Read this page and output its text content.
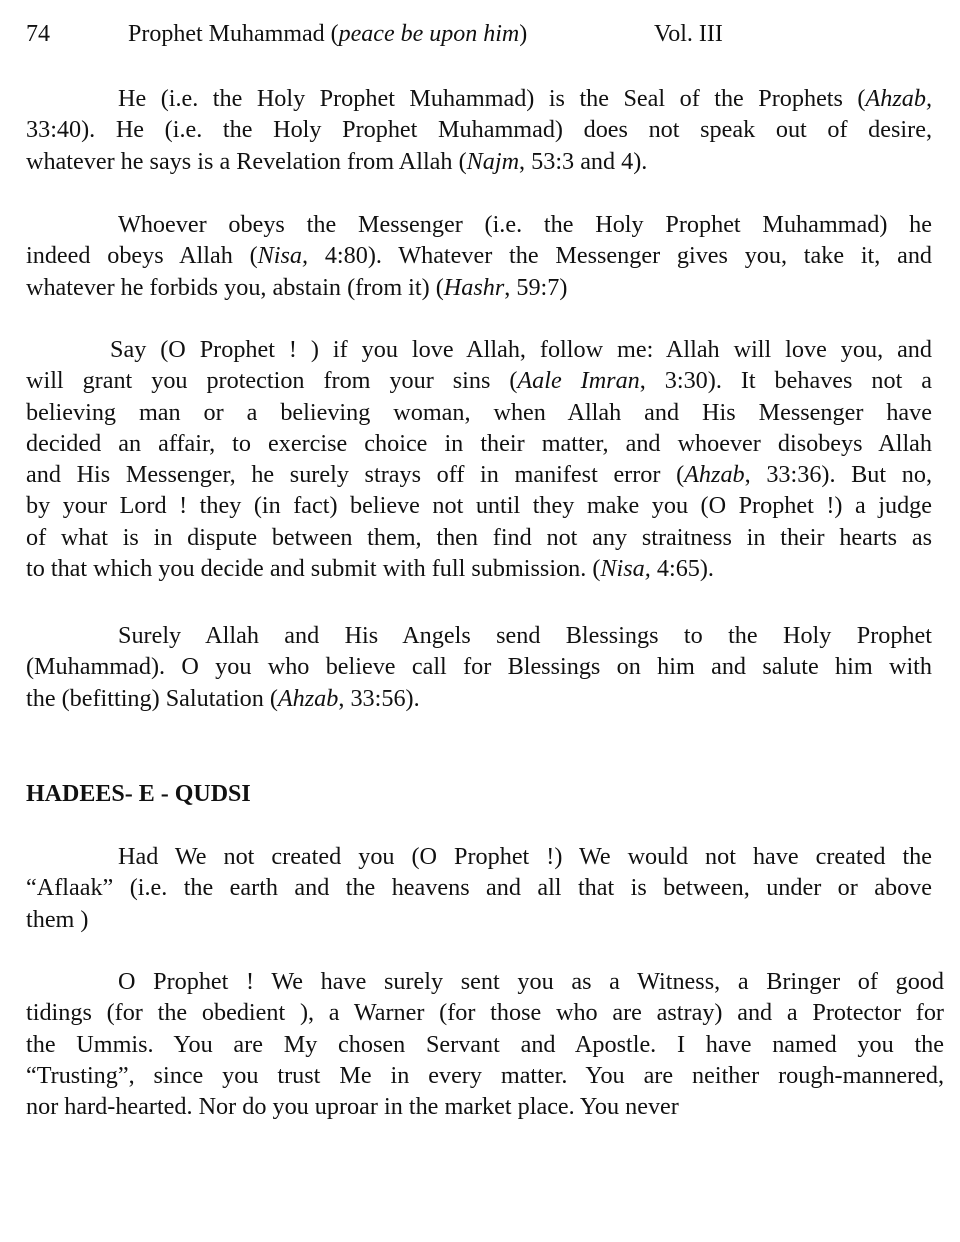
74	Prophet Muhammad (peace be upon him)	Vol. III
He (i.e. the Holy Prophet Muhammad) is the Seal of the Prophets (Ahzab,
33:40). He (i.e. the Holy Prophet Muhammad) does not speak out of desire,
whatever he says is a Revelation from Allah (Najm, 53:3 and 4).
Whoever obeys the Messenger (i.e. the Holy Prophet Muhammad) he
indeed obeys Allah (Nisa, 4:80). Whatever the Messenger gives you, take it, and
whatever he forbids you, abstain (from it) (Hashr, 59:7)
Say (O Prophet ! ) if you love Allah, follow me: Allah will love you, and
will grant you protection from your sins (Aale Imran, 3:30). It behaves not a
believing man or a believing woman, when Allah and His Messenger have
decided an affair, to exercise choice in their matter, and whoever disobeys Allah
and His Messenger, he surely strays off in manifest error (Ahzab, 33:36). But no,
by your Lord ! they (in fact) believe not until they make you (O Prophet !) a judge
of what is in dispute between them, then find not any straitness in their hearts as
to that which you decide and submit with full submission. (Nisa, 4:65).
Surely Allah and His Angels send Blessings to the Holy Prophet
(Muhammad). O you who believe call for Blessings on him and salute him with
the (befitting) Salutation (Ahzab, 33:56).
HADEES- E - QUDSI
Had We not created you (O Prophet !) We would not have created the
“Aflaak” (i.e. the earth and the heavens and all that is between, under or above
them )
O Prophet ! We have surely sent you as a Witness, a Bringer of good
tidings (for the obedient ), a Warner (for those who are astray) and a Protector for
the Ummis. You are My chosen Servant and Apostle. I have named you the
“Trusting”, since you trust Me in every matter. You are neither rough-mannered,
nor hard-hearted. Nor do you uproar in the market place. You never
